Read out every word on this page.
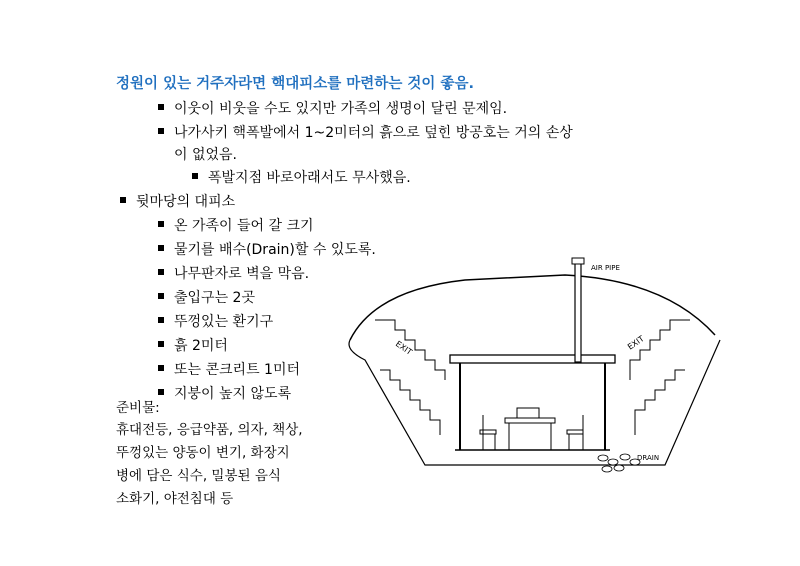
정원이 있는 거주자라면 핵대피소를 마련하는 것이 좋음.
이웃이 비웃을 수도 있지만 가족의 생명이 달린 문제임.
나가사키 핵폭발에서 1~2미터의 흙으로 덮힌 방공호는 거의 손상
이 없었음.
폭발지점 바로아래서도 무사했음.
뒷마당의 대피소
온 가족이 들어 갈 크기
물기를 배수(Drain)할 수 있도록.
나무판자로 벽을 막음.
출입구는 2곳
뚜껑있는 환기구
흙 2미터
또는 콘크리트 1미터
지붕이 높지 않도록
준비물:
휴대전등, 응급약품, 의자, 책상,
뚜껑있는 양동이 변기, 화장지
병에 담은 식수, 밀봉된 음식
소화기, 야전침대 등
EXIT	EXIT
AIR PIPE
DRAIN
